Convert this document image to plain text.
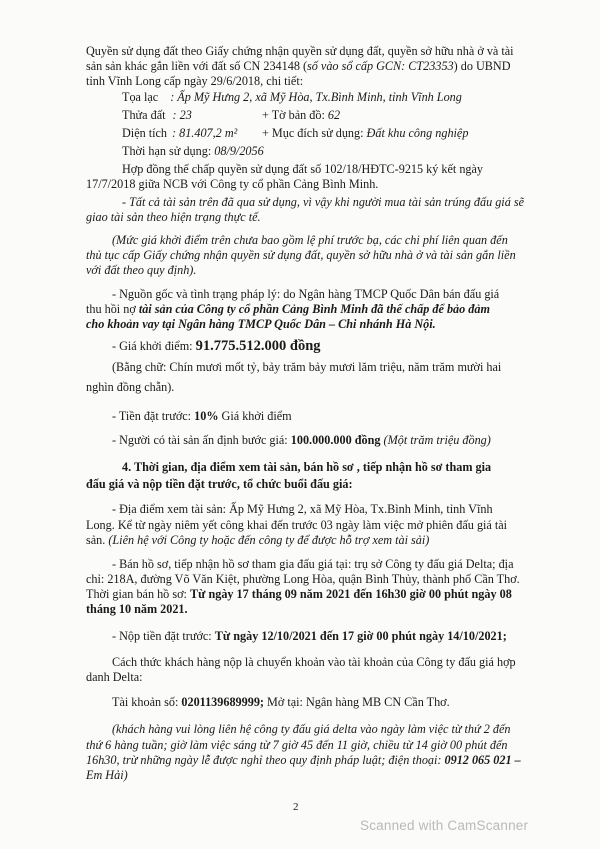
Quyền sử dụng đất theo Giấy chứng nhận quyền sử dụng đất, quyền sở hữu nhà ở và tài

sản sản khác gắn liền với đất số CN 234148 (số vào sổ cấp GCN: CT23353) do UBND

tỉnh Vĩnh Long cấp ngày 29/6/2018, chi tiết:

Tọa lạc : Ấp Mỹ Hưng 2, xã Mỹ Hòa, Tx.Bình Minh, tỉnh Vĩnh Long

Thửa đất : 23	+ Tờ bản đồ: 62

Diện tích : 81.407,2 m² + Mục đích sử dụng: Đất khu công nghiệp

Thời hạn sử dụng: 08/9/2056

Hợp đồng thế chấp quyền sử dụng đất số 102/18/HĐTC-9215 ký kết ngày

17/7/2018 giữa NCB với Công ty cổ phần Cảng Bình Minh.

- Tất cả tài sản trên đã qua sử dụng, vì vậy khi người mua tài sản trúng đấu giá sẽ

giao tài sản theo hiện trạng thực tế.

(Mức giá khởi điểm trên chưa bao gồm lệ phí trước bạ, các chi phí liên quan đến

thủ tục cấp Giấy chứng nhận quyền sử dụng đất, quyền sở hữu nhà ở và tài sản gắn liền

với đất theo quy định).

- Nguồn gốc và tình trạng pháp lý: do Ngân hàng TMCP Quốc Dân bán đấu giá

thu hồi nợ tài sản của Công ty cổ phần Cảng Bình Minh đã thế chấp để bảo đảm

cho khoản vay tại Ngân hàng TMCP Quốc Dân – Chi nhánh Hà Nội.

- Giá khởi điểm: 91.775.512.000 đồng

(Bằng chữ: Chín mươi mốt tỷ, bảy trăm bảy mươi lăm triệu, năm trăm mười hai

nghìn đồng chẵn).

- Tiền đặt trước: 10% Giá khởi điểm

- Người có tài sản ấn định bước giá: 100.000.000 đồng (Một trăm triệu đồng)

4. Thời gian, địa điểm xem tài sản, bán hồ sơ , tiếp nhận hồ sơ tham gia

đấu giá và nộp tiền đặt trước, tổ chức buổi đấu giá:

- Địa điểm xem tài sản: Ấp Mỹ Hưng 2, xã Mỹ Hòa, Tx.Bình Minh, tỉnh Vĩnh

Long. Kể từ ngày niêm yết công khai đến trước 03 ngày làm việc mở phiên đấu giá tài

sản. (Liên hệ với Công ty hoặc đến công ty để được hỗ trợ xem tài sải)

- Bán hồ sơ, tiếp nhận hồ sơ tham gia đấu giá tại: trụ sở Công ty đấu giá Delta; địa

chỉ: 218A, đường Võ Văn Kiệt, phường Long Hòa, quận Bình Thủy, thành phố Cần Thơ.

Thời gian bán hồ sơ: Từ ngày 17 tháng 09 năm 2021 đến 16h30 giờ 00 phút ngày 08

tháng 10 năm 2021.

- Nộp tiền đặt trước: Từ ngày 12/10/2021 đến 17 giờ 00 phút ngày 14/10/2021;

Cách thức khách hàng nộp là chuyển khoản vào tài khoản của Công ty đấu giá hợp

danh Delta:

Tài khoản số: 0201139689999; Mở tại: Ngân hàng MB CN Cần Thơ.

(khách hàng vui lòng liên hệ công ty đấu giá delta vào ngày làm việc từ thứ 2 đến

thứ 6 hàng tuần; giờ làm việc sáng từ 7 giờ 45 đến 11 giờ, chiều từ 14 giờ 00 phút đến

16h30, trừ những ngày lễ được nghỉ theo quy định pháp luật; điện thoại: 0912 065 021 –

Em Hải)

2
Scanned with CamScanner
